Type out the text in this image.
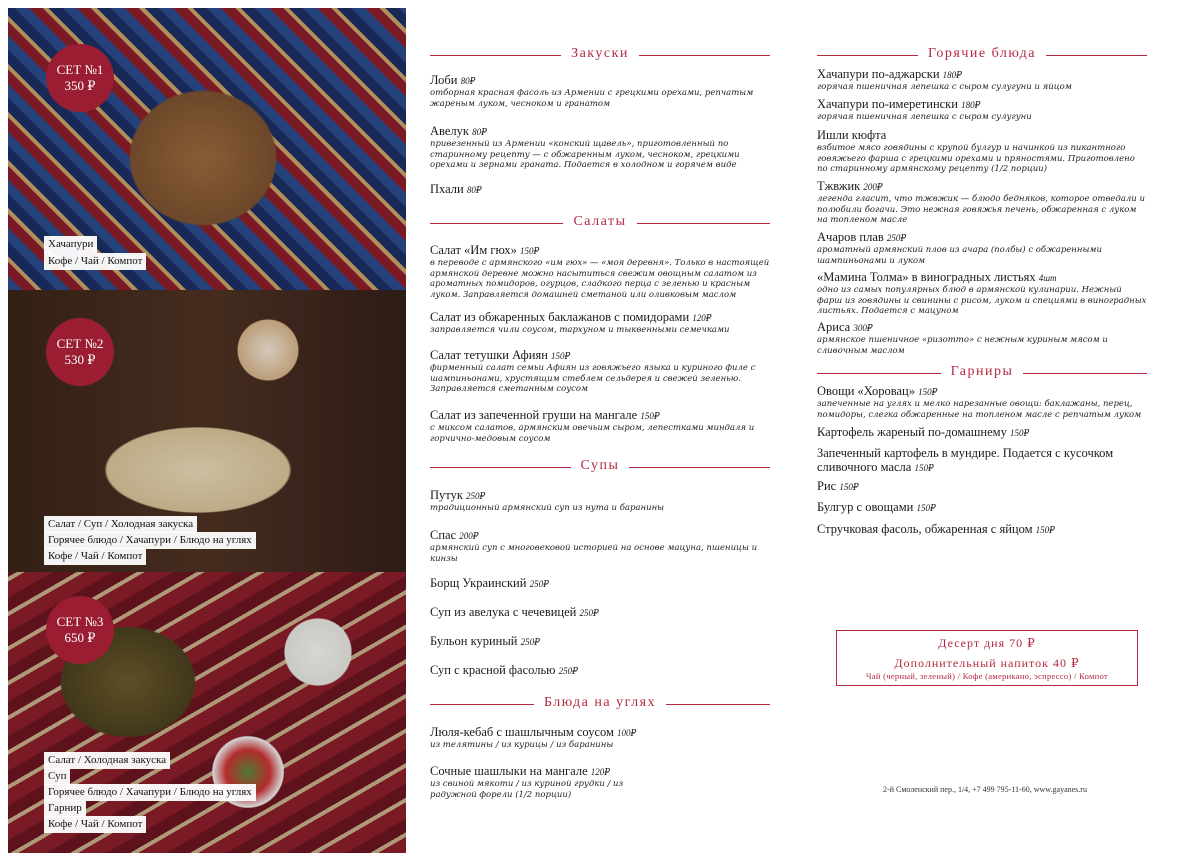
СЕТ №1
350 ₽
Хачапури
Кофе / Чай / Компот
СЕТ №2
530 ₽
Салат / Суп / Холодная закуска
Горячее блюдо / Хачапури / Блюдо на углях
Кофе / Чай / Компот
СЕТ №3
650 ₽
Салат / Холодная закуска
Суп
Горячее блюдо / Хачапури / Блюдо на углях
Гарнир
Кофе / Чай / Компот
Закуски
Лоби 80₽
отборная красная фасоль из Армении с грецкими орехами, репчатым жареным луком, чесноком и гранатом
Авелук 80₽
привезенный из Армении «конский щавель», приготовленный по старинному рецепту — с обжаренным луком, чесноком, грецкими орехами и зернами граната. Подается в холодном и горячем виде
Пхали 80₽
Салаты
Салат «Им гюх» 150₽
в переводе с армянского «им гюх» — «моя деревня». Только в настоящей армянской деревне можно насытиться свежим овощным салатом из ароматных помидоров, огурцов, сладкого перца с зеленью и красным луком. Заправляется домашней сметаной или оливковым маслом
Салат из обжаренных баклажанов с помидорами 120₽
заправляется чили соусом, тархуном и тыквенными семечками
Салат тетушки Афиян 150₽
фирменный салат семьи Афиян из говяжьего языка и куриного филе с шампиньонами, хрустящим стеблем сельдерея и свежей зеленью. Заправляется сметанным соусом
Салат из запеченной груши на мангале 150₽
с миксом салатов, армянским овечьим сыром, лепестками миндаля и горчично-медовым соусом
Супы
Путук 250₽
традиционный армянский суп из нута и баранины
Спас 200₽
армянский суп с многовековой историей на основе мацуна, пшеницы и кинзы
Борщ Украинский 250₽
Суп из авелука с чечевицей 250₽
Бульон куриный 250₽
Суп с красной фасолью 250₽
Блюда на углях
Люля-кебаб с шашлычным соусом 100₽
из телятины / из курицы / из баранины
Сочные шашлыки на мангале 120₽
из свиной мякоти / из куриной грудки / из радужной форели (1/2 порции)
Горячие блюда
Хачапури по-аджарски 180₽
горячая пшеничная лепешка с сыром сулугуни и яйцом
Хачапури по-имеретински 180₽
горячая пшеничная лепешка с сыром сулугуни
Ишли кюфта
взбитое мясо говядины с крупой булгур и начинкой из пикантного говяжьего фарша с грецкими орехами и пряностями. Приготовлено по старинному армянскому рецепту (1/2 порции)
Тжвжик 200₽
легенда гласит, что тжвжик — блюдо бедняков, которое отведали и полюбили богачи. Это нежная говяжья печень, обжаренная с луком на топленом масле
Ачаров плав 250₽
ароматный армянский плов из ачара (полбы) с обжаренными шампиньонами и луком
«Мамина Толма» в виноградных листьях 4шт
одно из самых популярных блюд в армянской кулинарии. Нежный фарш из говядины и свинины с рисом, луком и специями в виноградных листьях. Подается с мацуном
Ариса 300₽
армянское пшеничное «ризотто» с нежным куриным мясом и сливочным маслом
Гарниры
Овощи «Хоровац» 150₽
запеченные на углях и мелко нарезанные овощи: баклажаны, перец, помидоры, слегка обжаренные на топленом масле с репчатым луком
Картофель жареный по-домашнему 150₽
Запеченный картофель в мундире. Подается с кусочком сливочного масла 150₽
Рис 150₽
Булгур с овощами 150₽
Стручковая фасоль, обжаренная с яйцом 150₽
Десерт дня 70 ₽
Дополнительный напиток 40 ₽
Чай (черный, зеленый) / Кофе (американо, эспрессо) / Компот
2-й Смоленский пер., 1/4, +7 499 795-11-60, www.gayanes.ru
